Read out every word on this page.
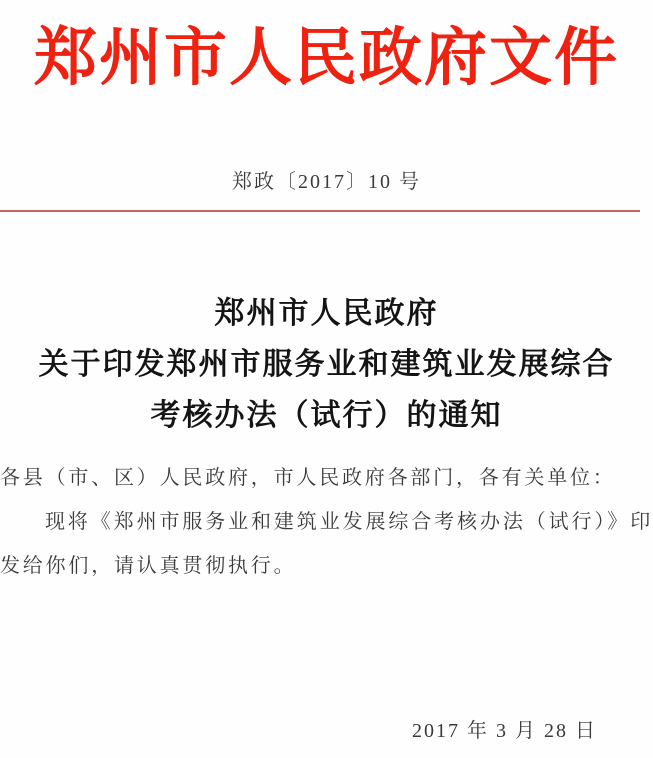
郑州市人民政府文件
郑政〔2017〕10 号
郑州市人民政府
关于印发郑州市服务业和建筑业发展综合
考核办法（试行）的通知

各县（市、区）人民政府，市人民政府各部门，各有关单位：

现将《郑州市服务业和建筑业发展综合考核办法（试行）》印发给你们，请认真贯彻执行。

2017 年 3 月 28 日
